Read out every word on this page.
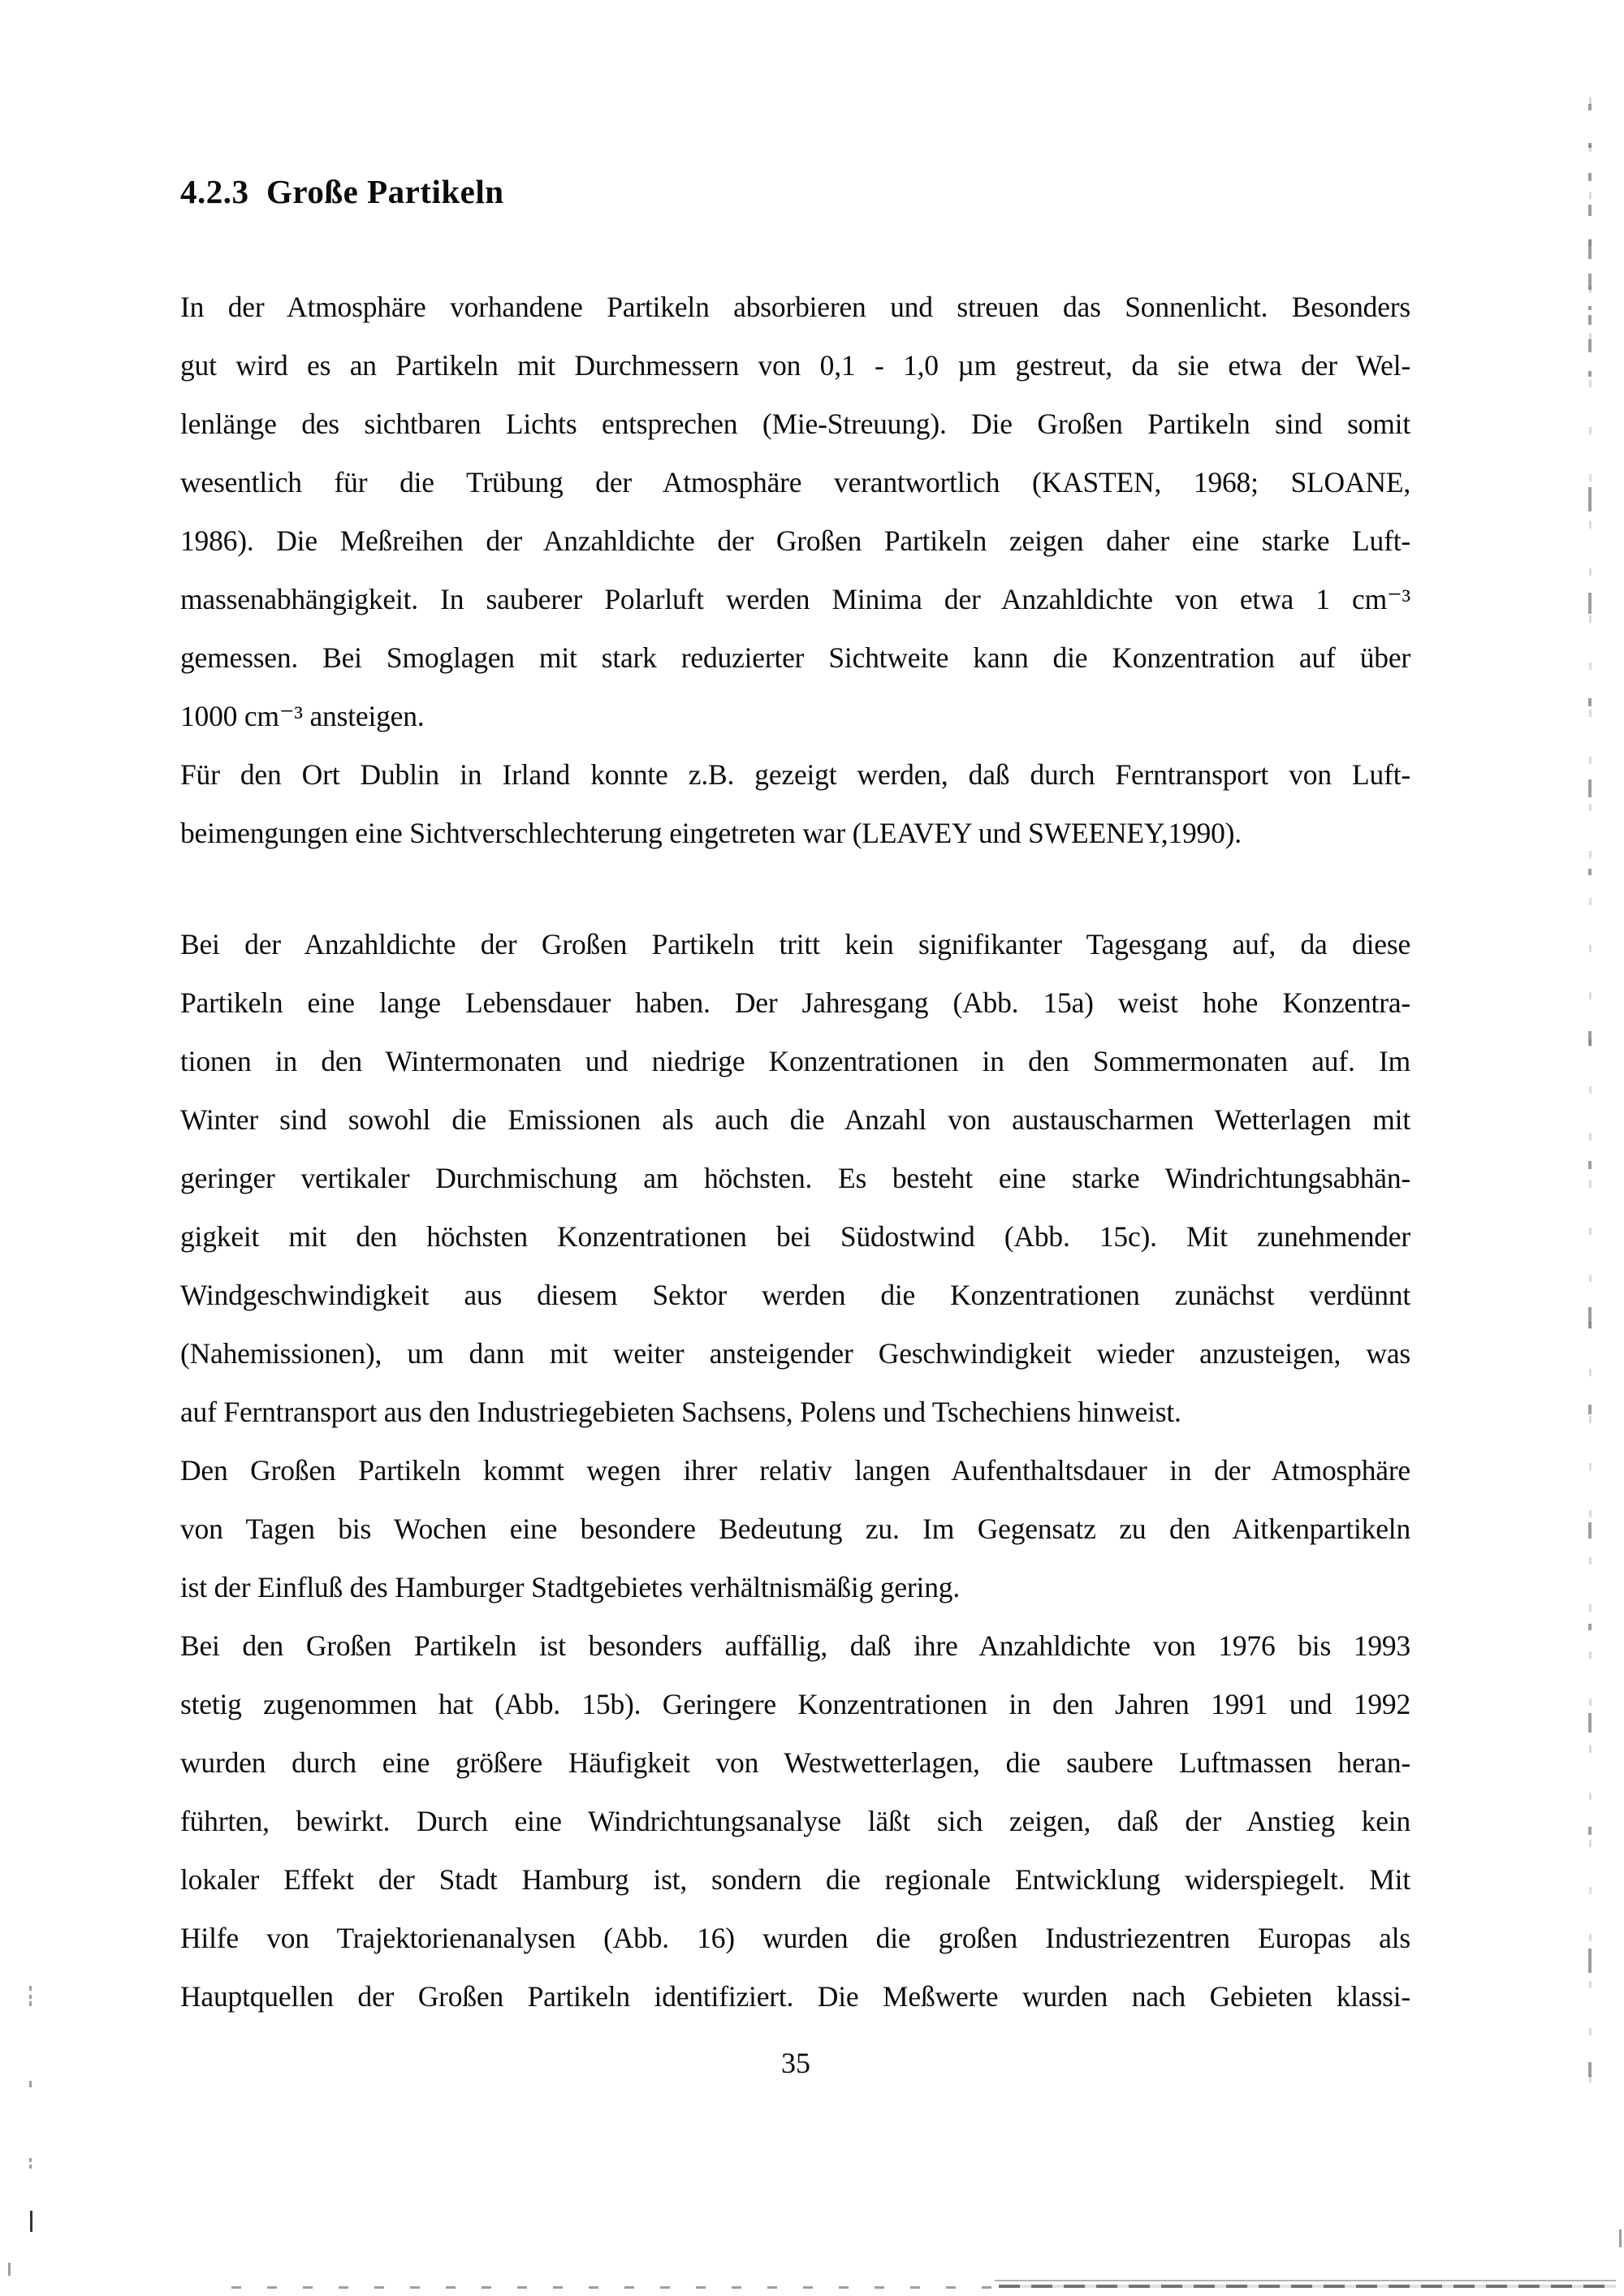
4.2.3  Große Partikeln
In der Atmosphäre vorhandene Partikeln absorbieren und streuen das Sonnenlicht. Besonders
gut wird es an Partikeln mit Durchmessern von 0,1 - 1,0 µm gestreut, da sie etwa der Wel-
lenlänge des sichtbaren Lichts entsprechen (Mie-Streuung). Die Großen Partikeln sind somit
wesentlich für die Trübung der Atmosphäre verantwortlich (KASTEN, 1968; SLOANE,
1986). Die Meßreihen der Anzahldichte der Großen Partikeln zeigen daher eine starke Luft-
massenabhängigkeit. In sauberer Polarluft werden Minima der Anzahldichte von etwa 1 cm⁻³
gemessen. Bei Smoglagen mit stark reduzierter Sichtweite kann die Konzentration auf über
1000 cm⁻³ ansteigen.
Für den Ort Dublin in Irland konnte z.B. gezeigt werden, daß durch Ferntransport von Luft-
beimengungen eine Sichtverschlechterung eingetreten war (LEAVEY und SWEENEY,1990).
Bei der Anzahldichte der Großen Partikeln tritt kein signifikanter Tagesgang auf, da diese
Partikeln eine lange Lebensdauer haben. Der Jahresgang (Abb. 15a) weist hohe Konzentra-
tionen in den Wintermonaten und niedrige Konzentrationen in den Sommermonaten auf. Im
Winter sind sowohl die Emissionen als auch die Anzahl von austauscharmen Wetterlagen mit
geringer vertikaler Durchmischung am höchsten. Es besteht eine starke Windrichtungsabhän-
gigkeit mit den höchsten Konzentrationen bei Südostwind (Abb. 15c). Mit zunehmender
Windgeschwindigkeit aus diesem Sektor werden die Konzentrationen zunächst verdünnt
(Nahemissionen), um dann mit weiter ansteigender Geschwindigkeit wieder anzusteigen, was
auf Ferntransport aus den Industriegebieten Sachsens, Polens und Tschechiens hinweist.
Den Großen Partikeln kommt wegen ihrer relativ langen Aufenthaltsdauer in der Atmosphäre
von Tagen bis Wochen eine besondere Bedeutung zu. Im Gegensatz zu den Aitkenpartikeln
ist der Einfluß des Hamburger Stadtgebietes verhältnismäßig gering.
Bei den Großen Partikeln ist besonders auffällig, daß ihre Anzahldichte von 1976 bis 1993
stetig zugenommen hat (Abb. 15b). Geringere Konzentrationen in den Jahren 1991 und 1992
wurden durch eine größere Häufigkeit von Westwetterlagen, die saubere Luftmassen heran-
führten, bewirkt. Durch eine Windrichtungsanalyse läßt sich zeigen, daß der Anstieg kein
lokaler Effekt der Stadt Hamburg ist, sondern die regionale Entwicklung widerspiegelt. Mit
Hilfe von Trajektorienanalysen (Abb. 16) wurden die großen Industriezentren Europas als
Hauptquellen der Großen Partikeln identifiziert. Die Meßwerte wurden nach Gebieten klassi-
35
